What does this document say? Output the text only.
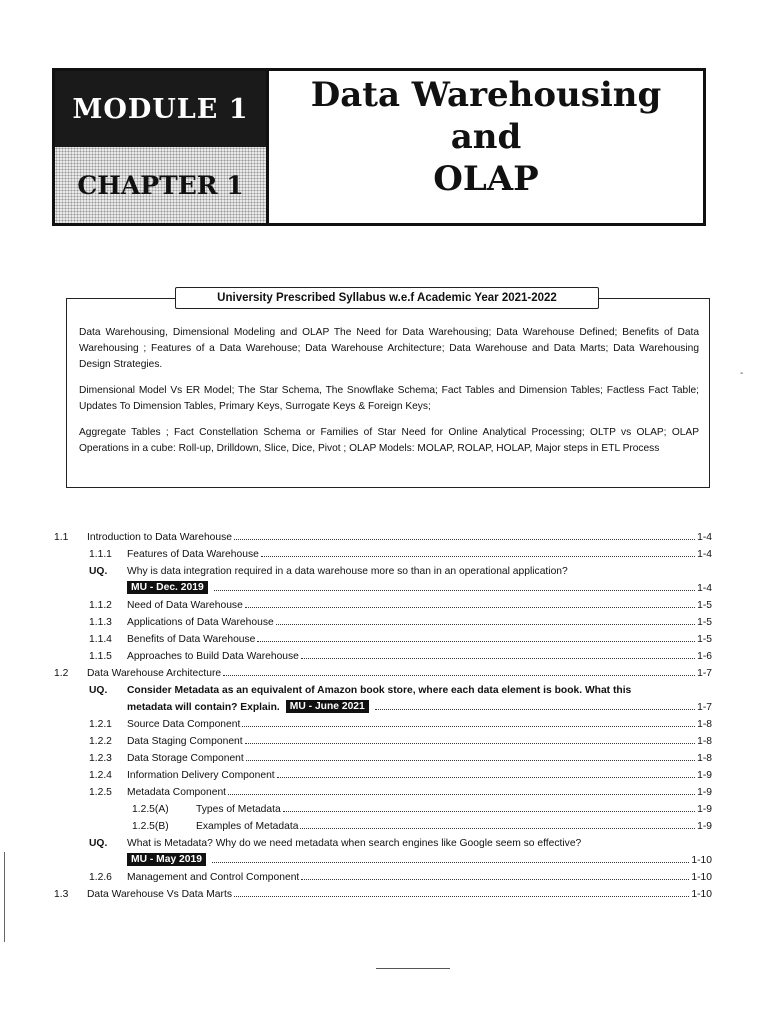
MODULE 1
CHAPTER 1
Data Warehousing and
OLAP
University Prescribed Syllabus w.e.f Academic Year 2021-2022

Data Warehousing, Dimensional Modeling and OLAP The Need for Data Warehousing; Data Warehouse Defined; Benefits of Data Warehousing ; Features of a Data Warehouse; Data Warehouse Architecture; Data Warehouse and Data Marts; Data Warehousing Design Strategies.

Dimensional Model Vs ER Model; The Star Schema, The Snowflake Schema; Fact Tables and Dimension Tables; Factless Fact Table; Updates To Dimension Tables, Primary Keys, Surrogate Keys & Foreign Keys;

Aggregate Tables ; Fact Constellation Schema or Families of Star Need for Online Analytical Processing; OLTP vs OLAP; OLAP Operations in a cube: Roll-up, Drilldown, Slice, Dice, Pivot ; OLAP Models: MOLAP, ROLAP, HOLAP, Major steps in ETL Process

-
1.1	Introduction to Data Warehouse	1-4
1.1.1	Features of Data Warehouse	1-4
UQ.	Why is data integration required in a data warehouse more so than in an operational application?
MU - Dec. 2019	1-4
1.1.2	Need of Data Warehouse	1-5
1.1.3	Applications of Data Warehouse	1-5
1.1.4	Benefits of Data Warehouse	1-5
1.1.5	Approaches to Build Data Warehouse	1-6
1.2	Data Warehouse Architecture	1-7
UQ.	Consider Metadata as an equivalent of Amazon book store, where each data element is book. What this
metadata will contain? Explain. MU - June 2021	1-7
1.2.1	Source Data Component	1-8
1.2.2	Data Staging Component	1-8
1.2.3	Data Storage Component	1-8
1.2.4	Information Delivery Component	1-9
1.2.5	Metadata Component	1-9
1.2.5(A)	Types of Metadata	1-9
1.2.5(B)	Examples of Metadata	1-9
UQ.	What is Metadata? Why do we need metadata when search engines like Google seem so effective?
MU - May 2019	1-10
1.2.6	Management and Control Component	1-10
1.3	Data Warehouse Vs Data Marts	1-10
